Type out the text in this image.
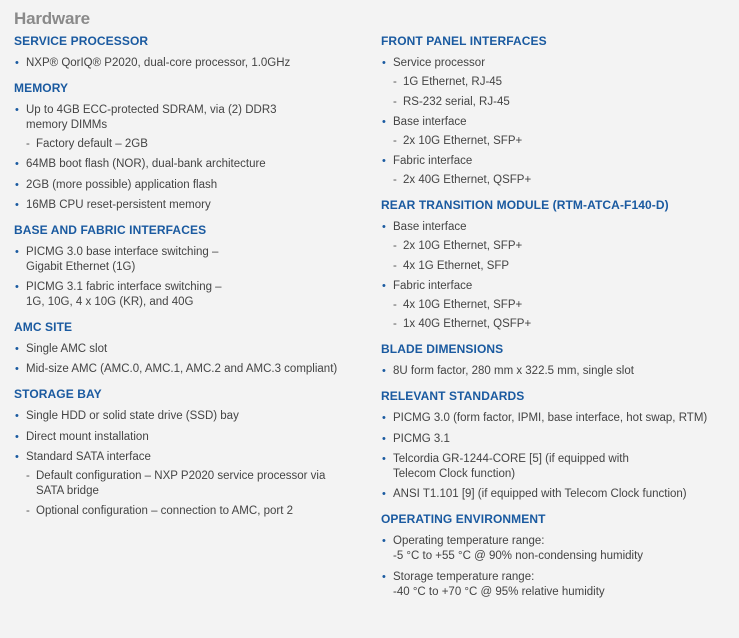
Hardware
SERVICE PROCESSOR
• NXP® QorIQ® P2020, dual-core processor, 1.0GHz
MEMORY
• Up to 4GB ECC-protected SDRAM, via (2) DDR3
memory DIMMs
- Factory default – 2GB
• 64MB boot flash (NOR), dual-bank architecture
• 2GB (more possible) application flash
• 16MB CPU reset-persistent memory
BASE AND FABRIC INTERFACES
• PICMG 3.0 base interface switching –
Gigabit Ethernet (1G)
• PICMG 3.1 fabric interface switching –
1G, 10G, 4 x 10G (KR), and 40G
AMC SITE
• Single AMC slot
• Mid-size AMC (AMC.0, AMC.1, AMC.2 and AMC.3 compliant)
STORAGE BAY
• Single HDD or solid state drive (SSD) bay
• Direct mount installation
• Standard SATA interface
- Default configuration – NXP P2020 service processor via
SATA bridge
- Optional configuration – connection to AMC, port 2
FRONT PANEL INTERFACES
• Service processor
- 1G Ethernet, RJ-45
- RS-232 serial, RJ-45
• Base interface
- 2x 10G Ethernet, SFP+
• Fabric interface
- 2x 40G Ethernet, QSFP+
REAR TRANSITION MODULE (RTM-ATCA-F140-D)
• Base interface
- 2x 10G Ethernet, SFP+
- 4x 1G Ethernet, SFP
• Fabric interface
- 4x 10G Ethernet, SFP+
- 1x 40G Ethernet, QSFP+
BLADE DIMENSIONS
• 8U form factor, 280 mm x 322.5 mm, single slot
RELEVANT STANDARDS
• PICMG 3.0 (form factor, IPMI, base interface, hot swap, RTM)
• PICMG 3.1
• Telcordia GR-1244-CORE [5] (if equipped with
Telecom Clock function)
• ANSI T1.101 [9] (if equipped with Telecom Clock function)
OPERATING ENVIRONMENT
• Operating temperature range:
-5 °C to +55 °C @ 90% non-condensing humidity
• Storage temperature range:
-40 °C to +70 °C @ 95% relative humidity
